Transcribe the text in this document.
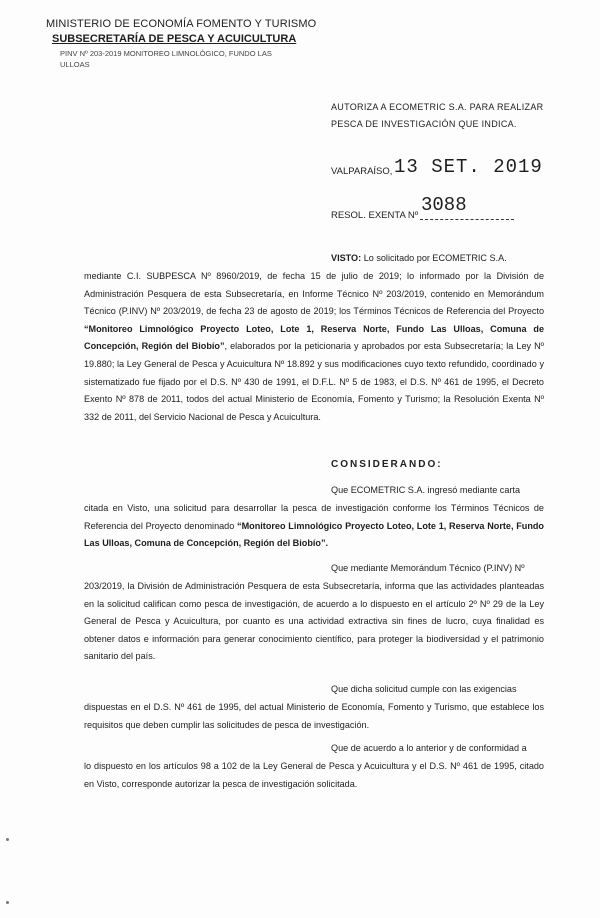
MINISTERIO DE ECONOMÍA FOMENTO Y TURISMO
SUBSECRETARÍA DE PESCA Y ACUICULTURA
PINV Nº 203-2019 MONITOREO LIMNOLÓGICO, FUNDO LAS ULLOAS

AUTORIZA A ECOMETRIC S.A. PARA REALIZAR PESCA DE INVESTIGACIÓN QUE INDICA.
VALPARAÍSO, 13 SET. 2019
RESOL. EXENTA Nº 3088
VISTO: Lo solicitado por ECOMETRIC S.A.
mediante C.I. SUBPESCA Nº 8960/2019, de fecha 15 de julio de 2019; lo informado por la División de Administración Pesquera de esta Subsecretaría, en Informe Técnico Nº 203/2019, contenido en Memorándum Técnico (P.INV) Nº 203/2019, de fecha 23 de agosto de 2019; los Términos Técnicos de Referencia del Proyecto “Monitoreo Limnológico Proyecto Loteo, Lote 1, Reserva Norte, Fundo Las Ulloas, Comuna de Concepción, Región del Biobío”, elaborados por la peticionaria y aprobados por esta Subsecretaría; la Ley Nº 19.880; la Ley General de Pesca y Acuicultura Nº 18.892 y sus modificaciones cuyo texto refundido, coordinado y sistematizado fue fijado por el D.S. Nº 430 de 1991, el D.F.L. Nº 5 de 1983, el D.S. Nº 461 de 1995, el Decreto Exento Nº 878 de 2011, todos del actual Ministerio de Economía, Fomento y Turismo; la Resolución Exenta Nº 332 de 2011, del Servicio Nacional de Pesca y Acuicultura.
CONSIDERANDO:
Que ECOMETRIC S.A. ingresó mediante carta
citada en Visto, una solicitud para desarrollar la pesca de investigación conforme los Términos Técnicos de Referencia del Proyecto denominado “Monitoreo Limnológico Proyecto Loteo, Lote 1, Reserva Norte, Fundo Las Ulloas, Comuna de Concepción, Región del Biobío”.
Que mediante Memorándum Técnico (P.INV) Nº
203/2019, la División de Administración Pesquera de esta Subsecretaría, informa que las actividades planteadas en la solicitud califican como pesca de investigación, de acuerdo a lo dispuesto en el artículo 2º Nº 29 de la Ley General de Pesca y Acuicultura, por cuanto es una actividad extractiva sin fines de lucro, cuya finalidad es obtener datos e información para generar conocimiento científico, para proteger la biodiversidad y el patrimonio sanitario del país.
Que dicha solicitud cumple con las exigencias
dispuestas en el D.S. Nº 461 de 1995, del actual Ministerio de Economía, Fomento y Turismo, que establece los requisitos que deben cumplir las solicitudes de pesca de investigación.
Que de acuerdo a lo anterior y de conformidad a
lo dispuesto en los artículos 98 a 102 de la Ley General de Pesca y Acuicultura y el D.S. Nº 461 de 1995, citado en Visto, corresponde autorizar la pesca de investigación solicitada.
